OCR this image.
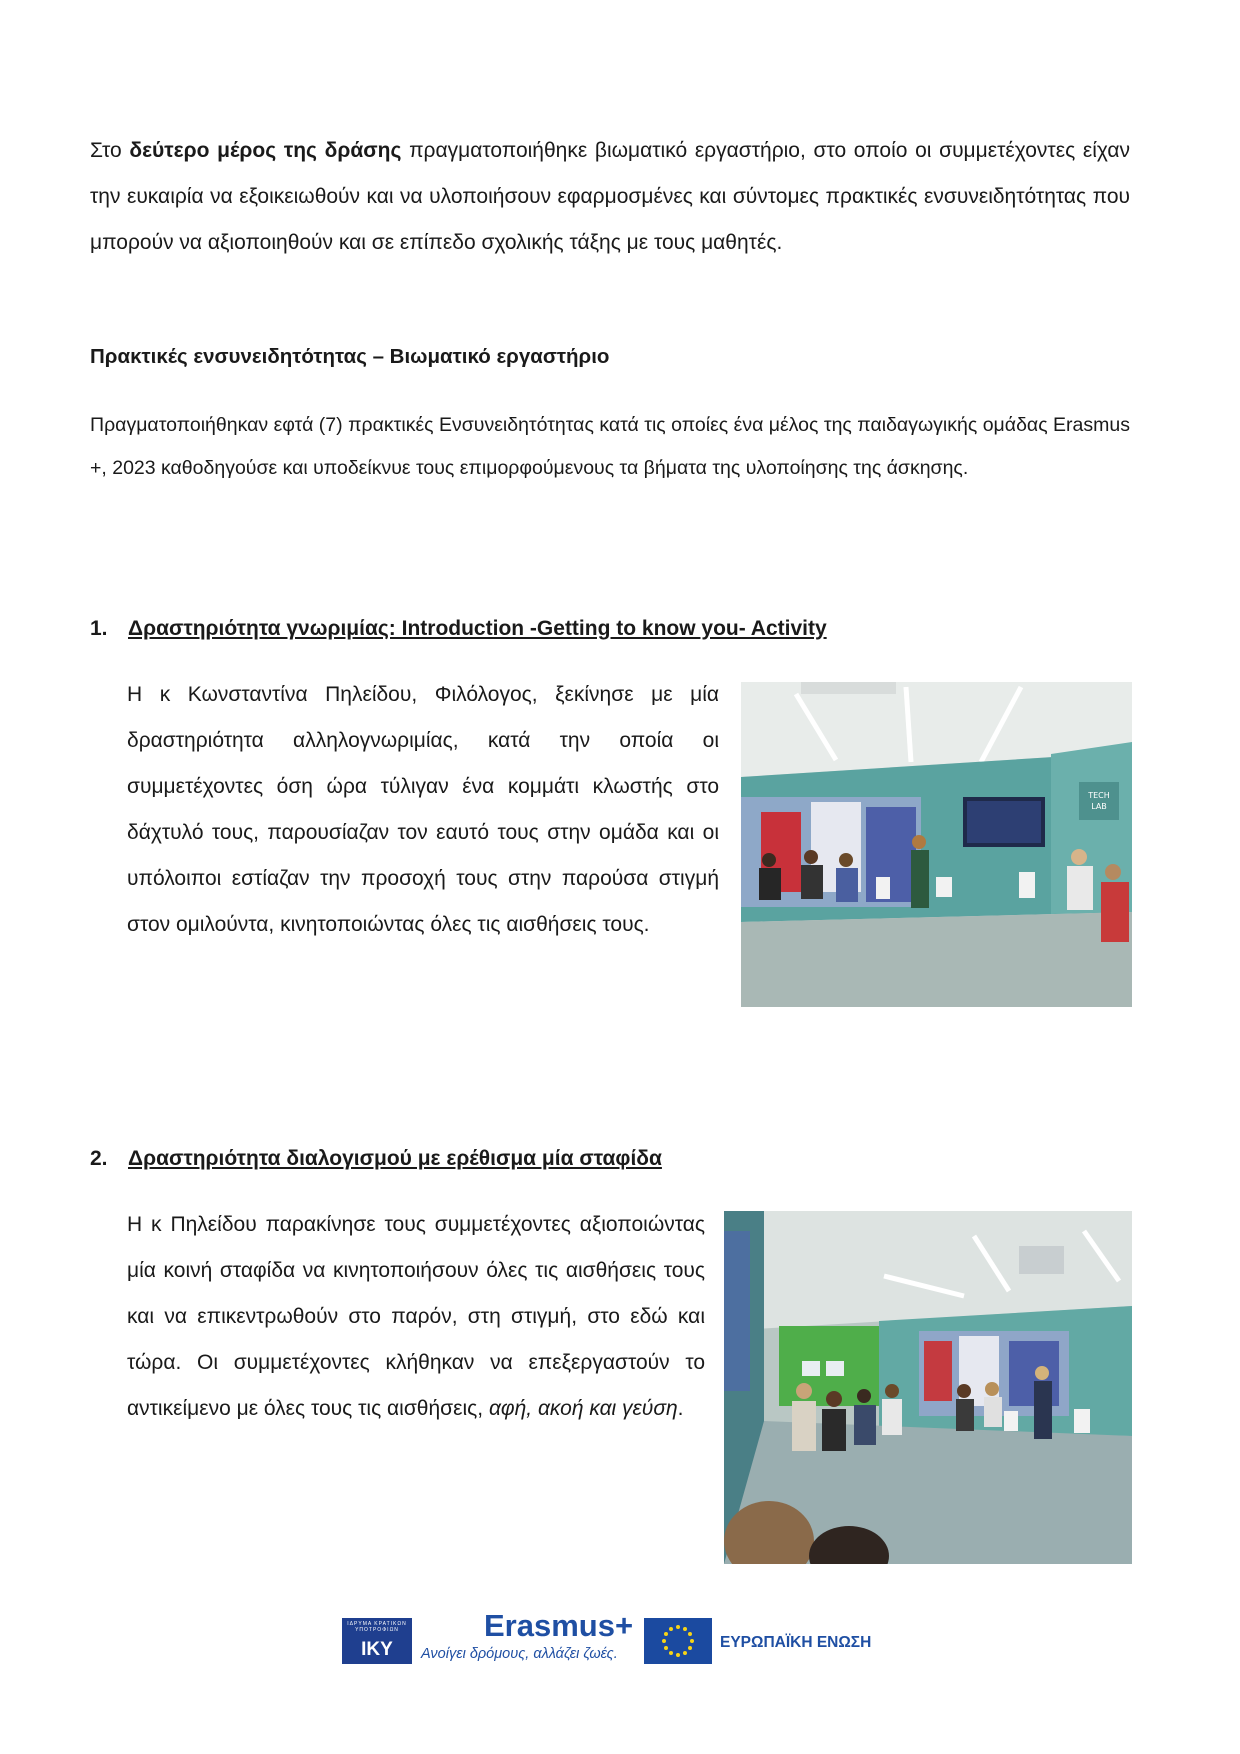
Στο δεύτερο μέρος της δράσης πραγματοποιήθηκε βιωματικό εργαστήριο, στο οποίο οι συμμετέχοντες είχαν την ευκαιρία να εξοικειωθούν και να υλοποιήσουν εφαρμοσμένες και σύντομες πρακτικές ενσυνειδητότητας που μπορούν να αξιοποιηθούν και σε επίπεδο σχολικής τάξης με τους μαθητές.

Πρακτικές ενσυνειδητότητας – Βιωματικό εργαστήριο

Πραγματοποιήθηκαν εφτά (7) πρακτικές Ενσυνειδητότητας κατά τις οποίες ένα μέλος της παιδαγωγικής ομάδας Erasmus +, 2023 καθοδηγούσε και υποδείκνυε τους επιμορφούμενους τα βήματα της υλοποίησης της άσκησης.

1. Δραστηριότητα γνωριμίας: Introduction -Getting to know you- Activity

Η κ Κωνσταντίνα Πηλείδου, Φιλόλογος, ξεκίνησε με μία δραστηριότητα αλληλογνωριμίας, κατά την οποία οι συμμετέχοντες όση ώρα τύλιγαν ένα κομμάτι κλωστής στο δάχτυλό τους, παρουσίαζαν τον εαυτό τους στην ομάδα και οι υπόλοιποι εστίαζαν την προσοχή τους στην παρούσα στιγμή στον ομιλούντα, κινητοποιώντας όλες τις αισθήσεις τους.

TECH
LAB

2. Δραστηριότητα διαλογισμού με ερέθισμα μία σταφίδα

Η κ Πηλείδου παρακίνησε τους συμμετέχοντες αξιοποιώντας μία κοινή σταφίδα να κινητοποιήσουν όλες τις αισθήσεις τους και να επικεντρωθούν στο παρόν, στη στιγμή, στο εδώ και τώρα. Οι συμμετέχοντες κλήθηκαν να επεξεργαστούν το αντικείμενο με όλες τους τις αισθήσεις, αφή, ακοή και γεύση.

ΙΔΡΥΜΑ ΚΡΑΤΙΚΩΝ ΥΠΟΤΡΟΦΙΩΝ
IKY
Erasmus+
Ανοίγει δρόμους, αλλάζει ζωές.
ΕΥΡΩΠΑΪΚΗ ΕΝΩΣΗ
